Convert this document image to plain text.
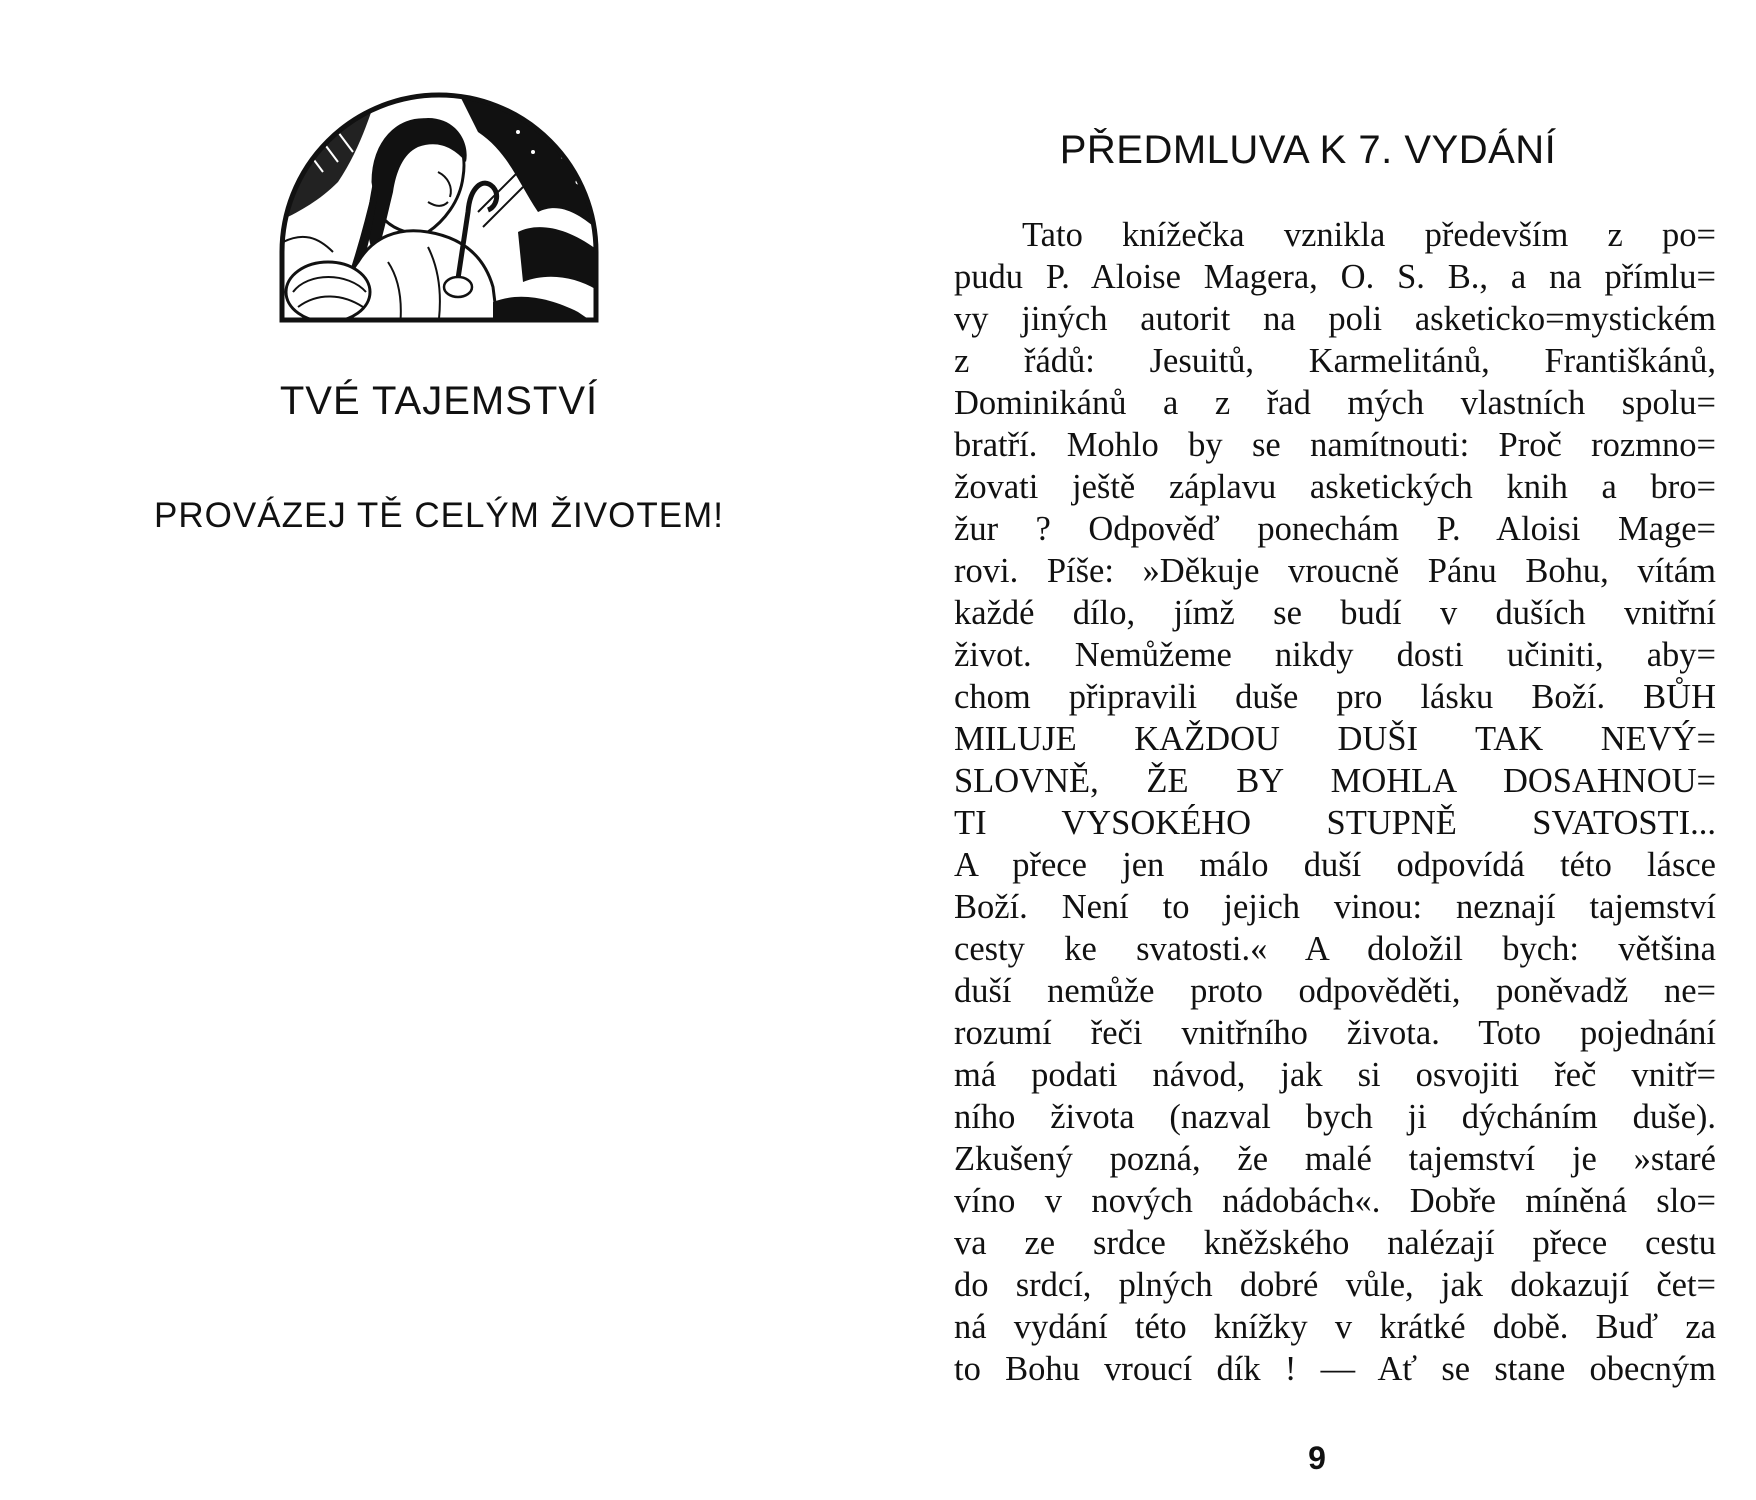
TVÉ TAJEMSTVÍ
PROVÁZEJ TĚ CELÝM ŽIVOTEM!
PŘEDMLUVA K 7. VYDÁNÍ
Tato knížečka vznikla především z po=
pudu P. Aloise Magera, O. S. B., a na přímlu=
vy jiných autorit na poli asketicko=mystickém
z řádů: Jesuitů, Karmelitánů, Františkánů,
Dominikánů a z řad mých vlastních spolu=
bratří. Mohlo by se namítnouti: Proč rozmno=
žovati ještě záplavu asketických knih a bro=
žur ? Odpověď ponechám P. Aloisi Mage=
rovi. Píše: »Děkuje vroucně Pánu Bohu, vítám
každé dílo, jímž se budí v duších vnitřní
život. Nemůžeme nikdy dosti učiniti, aby=
chom připravili duše pro lásku Boží. BŮH
MILUJE KAŽDOU DUŠI TAK NEVÝ=
SLOVNĚ, ŽE BY MOHLA DOSAHNOU=
TI VYSOKÉHO STUPNĚ SVATOSTI...
A přece jen málo duší odpovídá této lásce
Boží. Není to jejich vinou: neznají tajemství
cesty ke svatosti.« A doložil bych: většina
duší nemůže proto odpověděti, poněvadž ne=
rozumí řeči vnitřního života. Toto pojednání
má podati návod, jak si osvojiti řeč vnitř=
ního života (nazval bych ji dýcháním duše).
Zkušený pozná, že malé tajemství je »staré
víno v nových nádobách«. Dobře míněná slo=
va ze srdce kněžského nalézají přece cestu
do srdcí, plných dobré vůle, jak dokazují čet=
ná vydání této knížky v krátké době. Buď za
to Bohu vroucí dík ! — Ať se stane obecným
9
